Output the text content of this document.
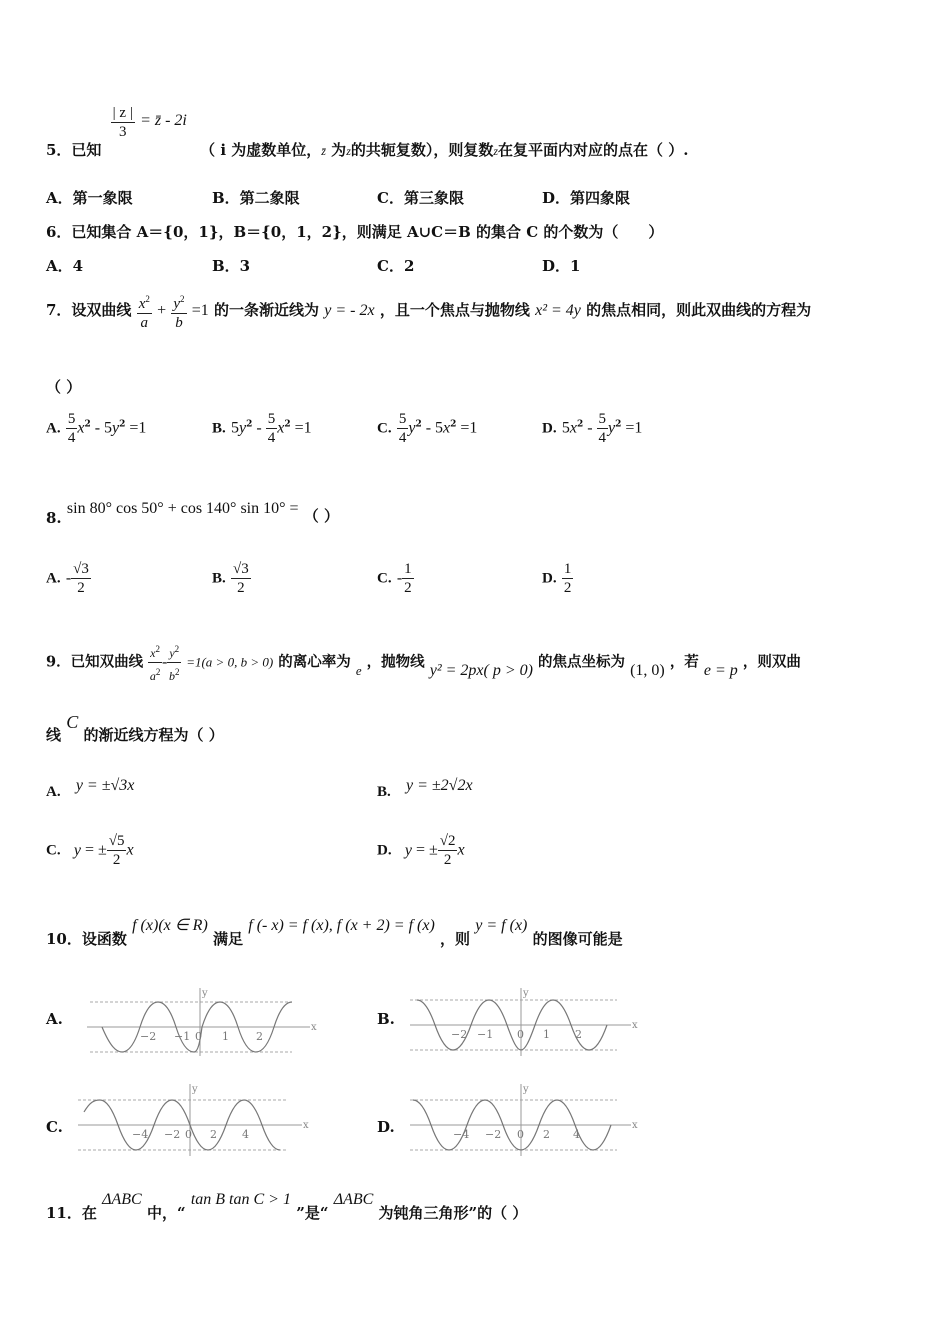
5．已知
$\frac{| z |}{3}$ = z̄ - 2i （ i 为虚数单位，z̄ 为z的共轭复数），则复数z在复平面内对应的点在（ ）.
A．第一象限	B．第二象限	C．第三象限	D．第四象限
6．已知集合 A＝{0，1}，B＝{0，1，2}，则满足 A∪C＝B 的集合 C 的个数为（　　）
A．4	B．3	C．2	D．1
7．设双曲线 $\frac{x^2}{a} + \frac{y^2}{b} =1$ 的一条渐近线为 y = - 2x ，且一个焦点与抛物线 x² = 4y 的焦点相同，则此双曲线的方程为
（ ）
A. $\frac{5}{4} x^2 - 5y^2 =1$	B. $5y^2 - \frac{5}{4} x^2 =1$	C. $\frac{5}{4} y^2 - 5x^2 =1$	D. $5x^2 - \frac{5}{4} y^2 =1$
8. sin 80° cos 50° + cos 140° sin 10° = （ ）
A. - $\frac{√3}{2}$	B. $\frac{√3}{2}$	C. - $\frac{1}{2}$	D. $\frac{1}{2}$
9．已知双曲线 $\frac{x^2}{a^2} - \frac{y^2}{b^2} =1(a > 0$, b > 0) 的离心率为 e ，抛物线 y² = 2px( p > 0) 的焦点坐标为 (1, 0) ，若 e = p ，则双曲
线 C 的渐近线方程为（ ）
A. y = ±√3x	B. y = ±2√2x
C. y = ± $\frac{√5}{2}$ x	D. y = ± $\frac{√2}{2}$ x
10．设函数 f (x)(x ∈ R) 满足 f (- x) = f (x), f (x + 2) = f (x) ，则 y = f (x) 的图像可能是
A.	B.
C.	D.
y
x
−2 −1 0 1 2
y
x
−2 −1 0 1 2
y
x
−4 −2 0 2 4
y
x
−4 −2 0 2 4
11．在 ΔABC 中，“ tan B tan C > 1 ”是“ ΔABC 为钝角三角形”的（ ）
